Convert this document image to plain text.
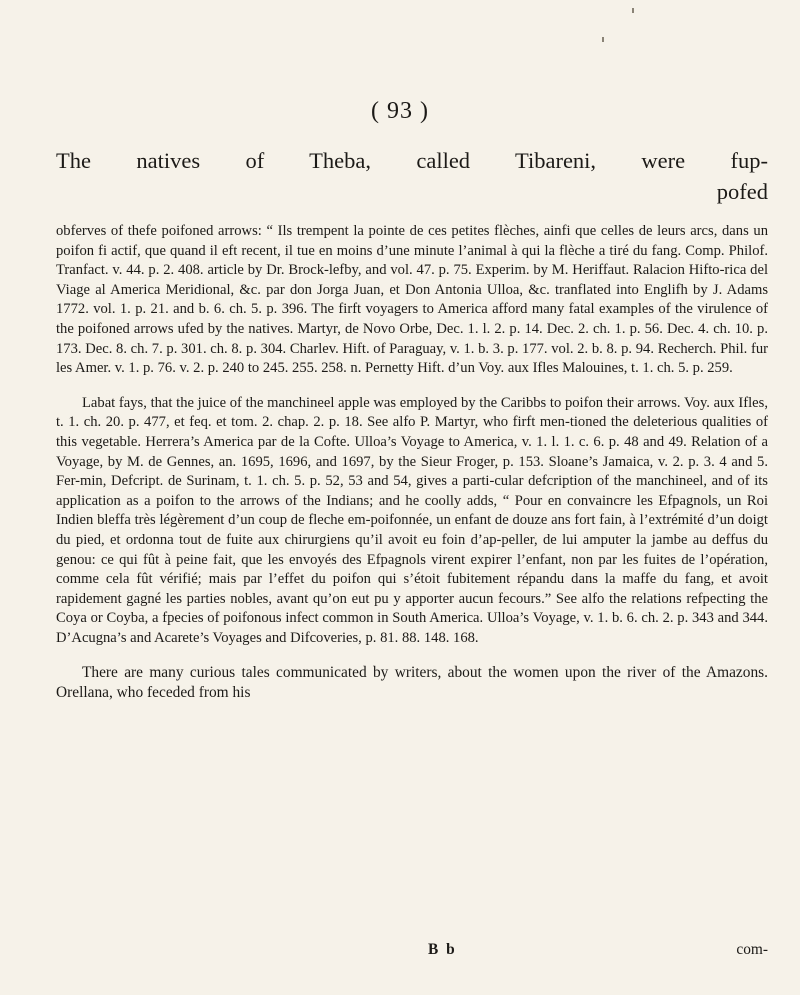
( 93 )
The natives of Theba, called Tibareni, were fup-
pofed

obferves of thefe poifoned arrows: “ Ils trempent la pointe de ces petites flèches, ainfi que celles de leurs arcs, dans un poifon fi actif, que quand il eft recent, il tue en moins d’une minute l’animal à qui la flèche a tiré du fang. Comp. Philof. Tranfact. v. 44. p. 2. 408. article by Dr. Brock-lefby, and vol. 47. p. 75. Experim. by M. Heriffaut. Ralacion Hifto-rica del Viage al America Meridional, &c. par don Jorga Juan, et Don Antonia Ulloa, &c. tranflated into Englifh by J. Adams 1772. vol. 1. p. 21. and b. 6. ch. 5. p. 396. The firft voyagers to America afford many fatal examples of the virulence of the poifoned arrows ufed by the natives. Martyr, de Novo Orbe, Dec. 1. l. 2. p. 14. Dec. 2. ch. 1. p. 56. Dec. 4. ch. 10. p. 173. Dec. 8. ch. 7. p. 301. ch. 8. p. 304. Charlev. Hift. of Paraguay, v. 1. b. 3. p. 177. vol. 2. b. 8. p. 94. Recherch. Phil. fur les Amer. v. 1. p. 76. v. 2. p. 240 to 245. 255. 258. n. Pernetty Hift. d’un Voy. aux Ifles Malouines, t. 1. ch. 5. p. 259.

Labat fays, that the juice of the manchineel apple was employed by the Caribbs to poifon their arrows. Voy. aux Ifles, t. 1. ch. 20. p. 477, et feq. et tom. 2. chap. 2. p. 18. See alfo P. Martyr, who firft men-tioned the deleterious qualities of this vegetable. Herrera’s America par de la Cofte. Ulloa’s Voyage to America, v. 1. l. 1. c. 6. p. 48 and 49. Relation of a Voyage, by M. de Gennes, an. 1695, 1696, and 1697, by the Sieur Froger, p. 153. Sloane’s Jamaica, v. 2. p. 3. 4 and 5. Fer-min, Defcript. de Surinam, t. 1. ch. 5. p. 52, 53 and 54, gives a parti-cular defcription of the manchineel, and of its application as a poifon to the arrows of the Indians; and he coolly adds, “ Pour en convaincre les Efpagnols, un Roi Indien bleffa très légèrement d’un coup de fleche em-poifonnée, un enfant de douze ans fort fain, à l’extrémité d’un doigt du pied, et ordonna tout de fuite aux chirurgiens qu’il avoit eu foin d’ap-peller, de lui amputer la jambe au deffus du genou: ce qui fût à peine fait, que les envoyés des Efpagnols virent expirer l’enfant, non par les fuites de l’opération, comme cela fût vérifié; mais par l’effet du poifon qui s’étoit fubitement répandu dans la maffe du fang, et avoit rapidement gagné les parties nobles, avant qu’on eut pu y apporter aucun fecours.” See alfo the relations refpecting the Coya or Coyba, a fpecies of poifonous infect common in South America. Ulloa’s Voyage, v. 1. b. 6. ch. 2. p. 343 and 344. D’Acugna’s and Acarete’s Voyages and Difcoveries, p. 81. 88. 148. 168.

There are many curious tales communicated by writers, about the women upon the river of the Amazons. Orellana, who feceded from his

B b	com-
